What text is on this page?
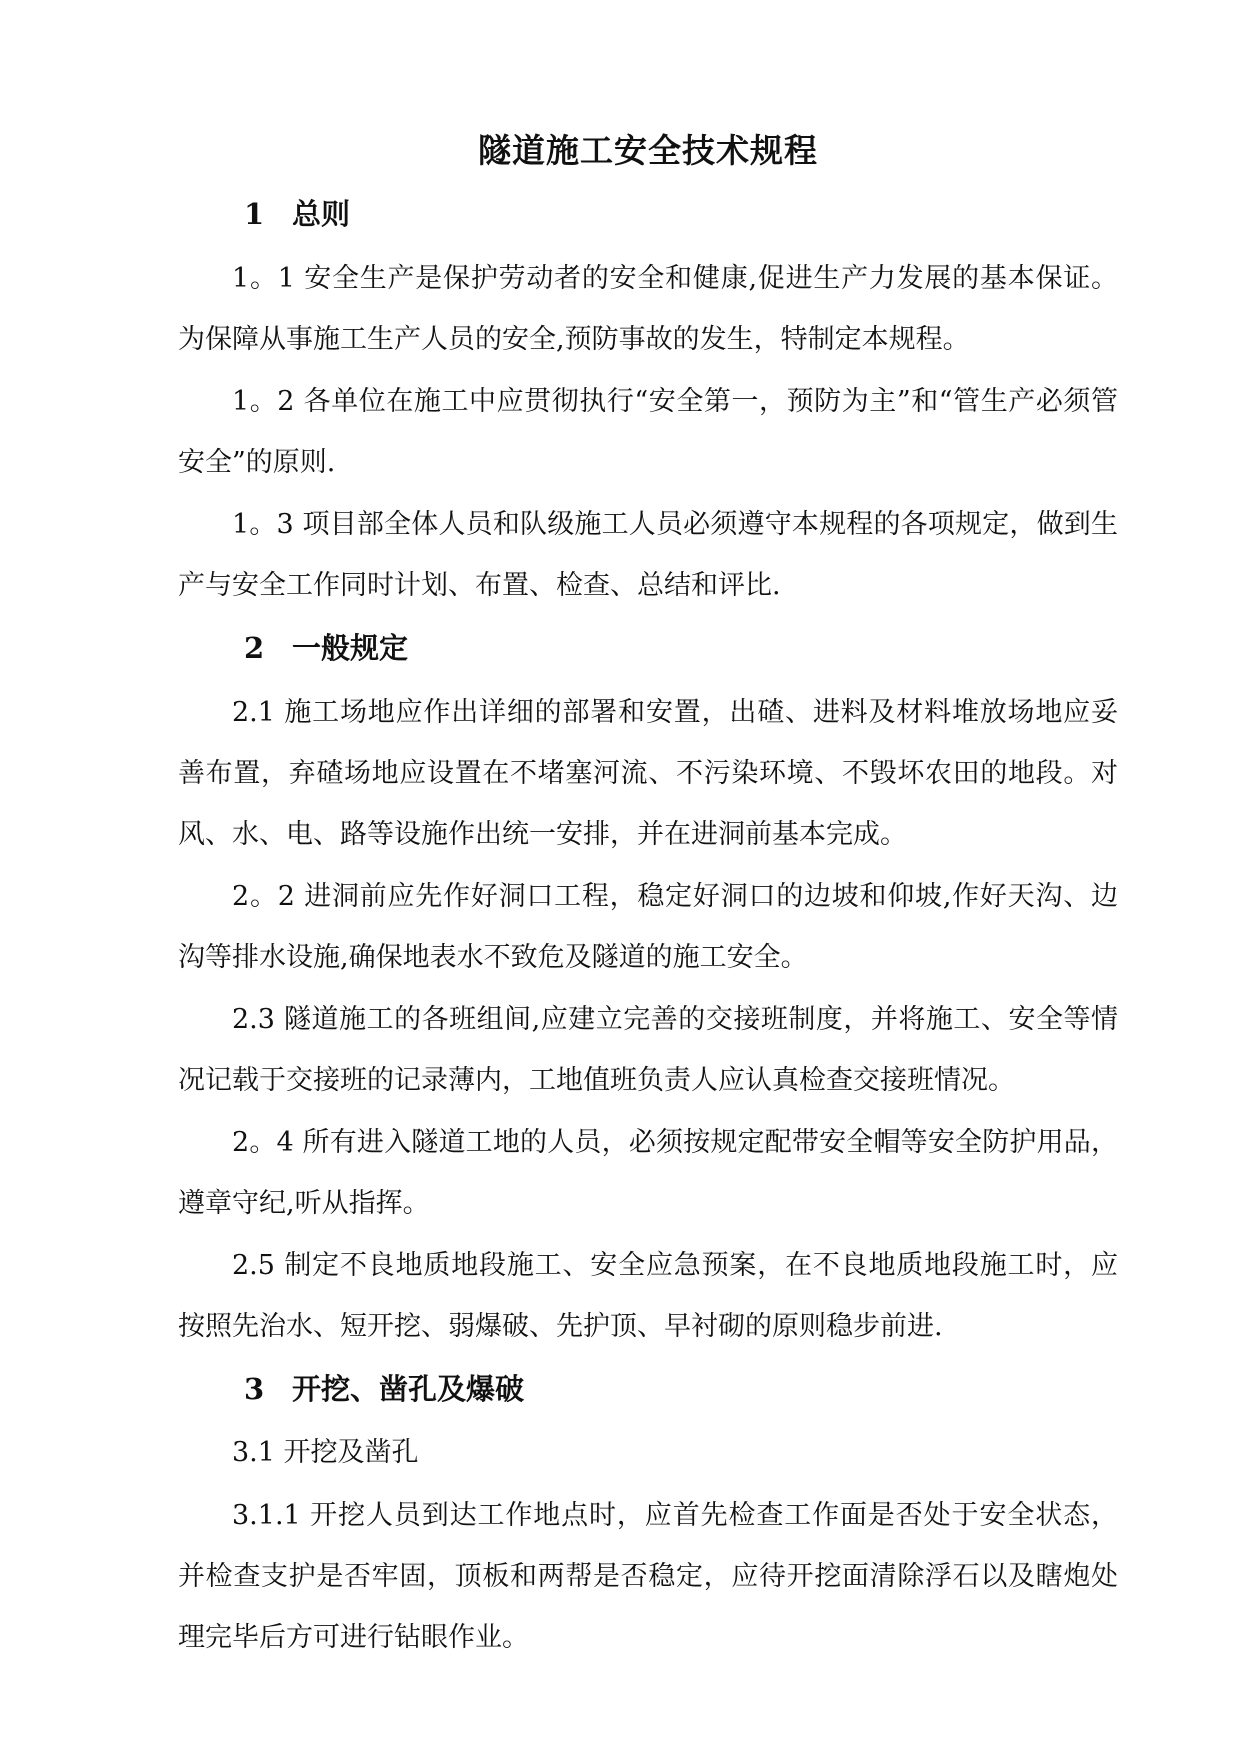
隧道施工安全技术规程
1 总则

1。1 安全生产是保护劳动者的安全和健康,促进生产力发展的基本保证。为保障从事施工生产人员的安全,预防事故的发生，特制定本规程。

1。2 各单位在施工中应贯彻执行“安全第一，预防为主”和“管生产必须管安全”的原则.

1。3 项目部全体人员和队级施工人员必须遵守本规程的各项规定，做到生产与安全工作同时计划、布置、检查、总结和评比.

2 一般规定

2.1 施工场地应作出详细的部署和安置，出碴、进料及材料堆放场地应妥善布置，弃碴场地应设置在不堵塞河流、不污染环境、不毁坏农田的地段。对风、水、电、路等设施作出统一安排，并在进洞前基本完成。

2。2 进洞前应先作好洞口工程，稳定好洞口的边坡和仰坡,作好天沟、边沟等排水设施,确保地表水不致危及隧道的施工安全。

2.3 隧道施工的各班组间,应建立完善的交接班制度，并将施工、安全等情况记载于交接班的记录薄内，工地值班负责人应认真检查交接班情况。

2。4 所有进入隧道工地的人员，必须按规定配带安全帽等安全防护用品，遵章守纪,听从指挥。

2.5 制定不良地质地段施工、安全应急预案，在不良地质地段施工时，应按照先治水、短开挖、弱爆破、先护顶、早衬砌的原则稳步前进.

3 开挖、凿孔及爆破

3.1 开挖及凿孔

3.1.1 开挖人员到达工作地点时，应首先检查工作面是否处于安全状态，并检查支护是否牢固，顶板和两帮是否稳定，应待开挖面清除浮石以及瞎炮处理完毕后方可进行钻眼作业。
